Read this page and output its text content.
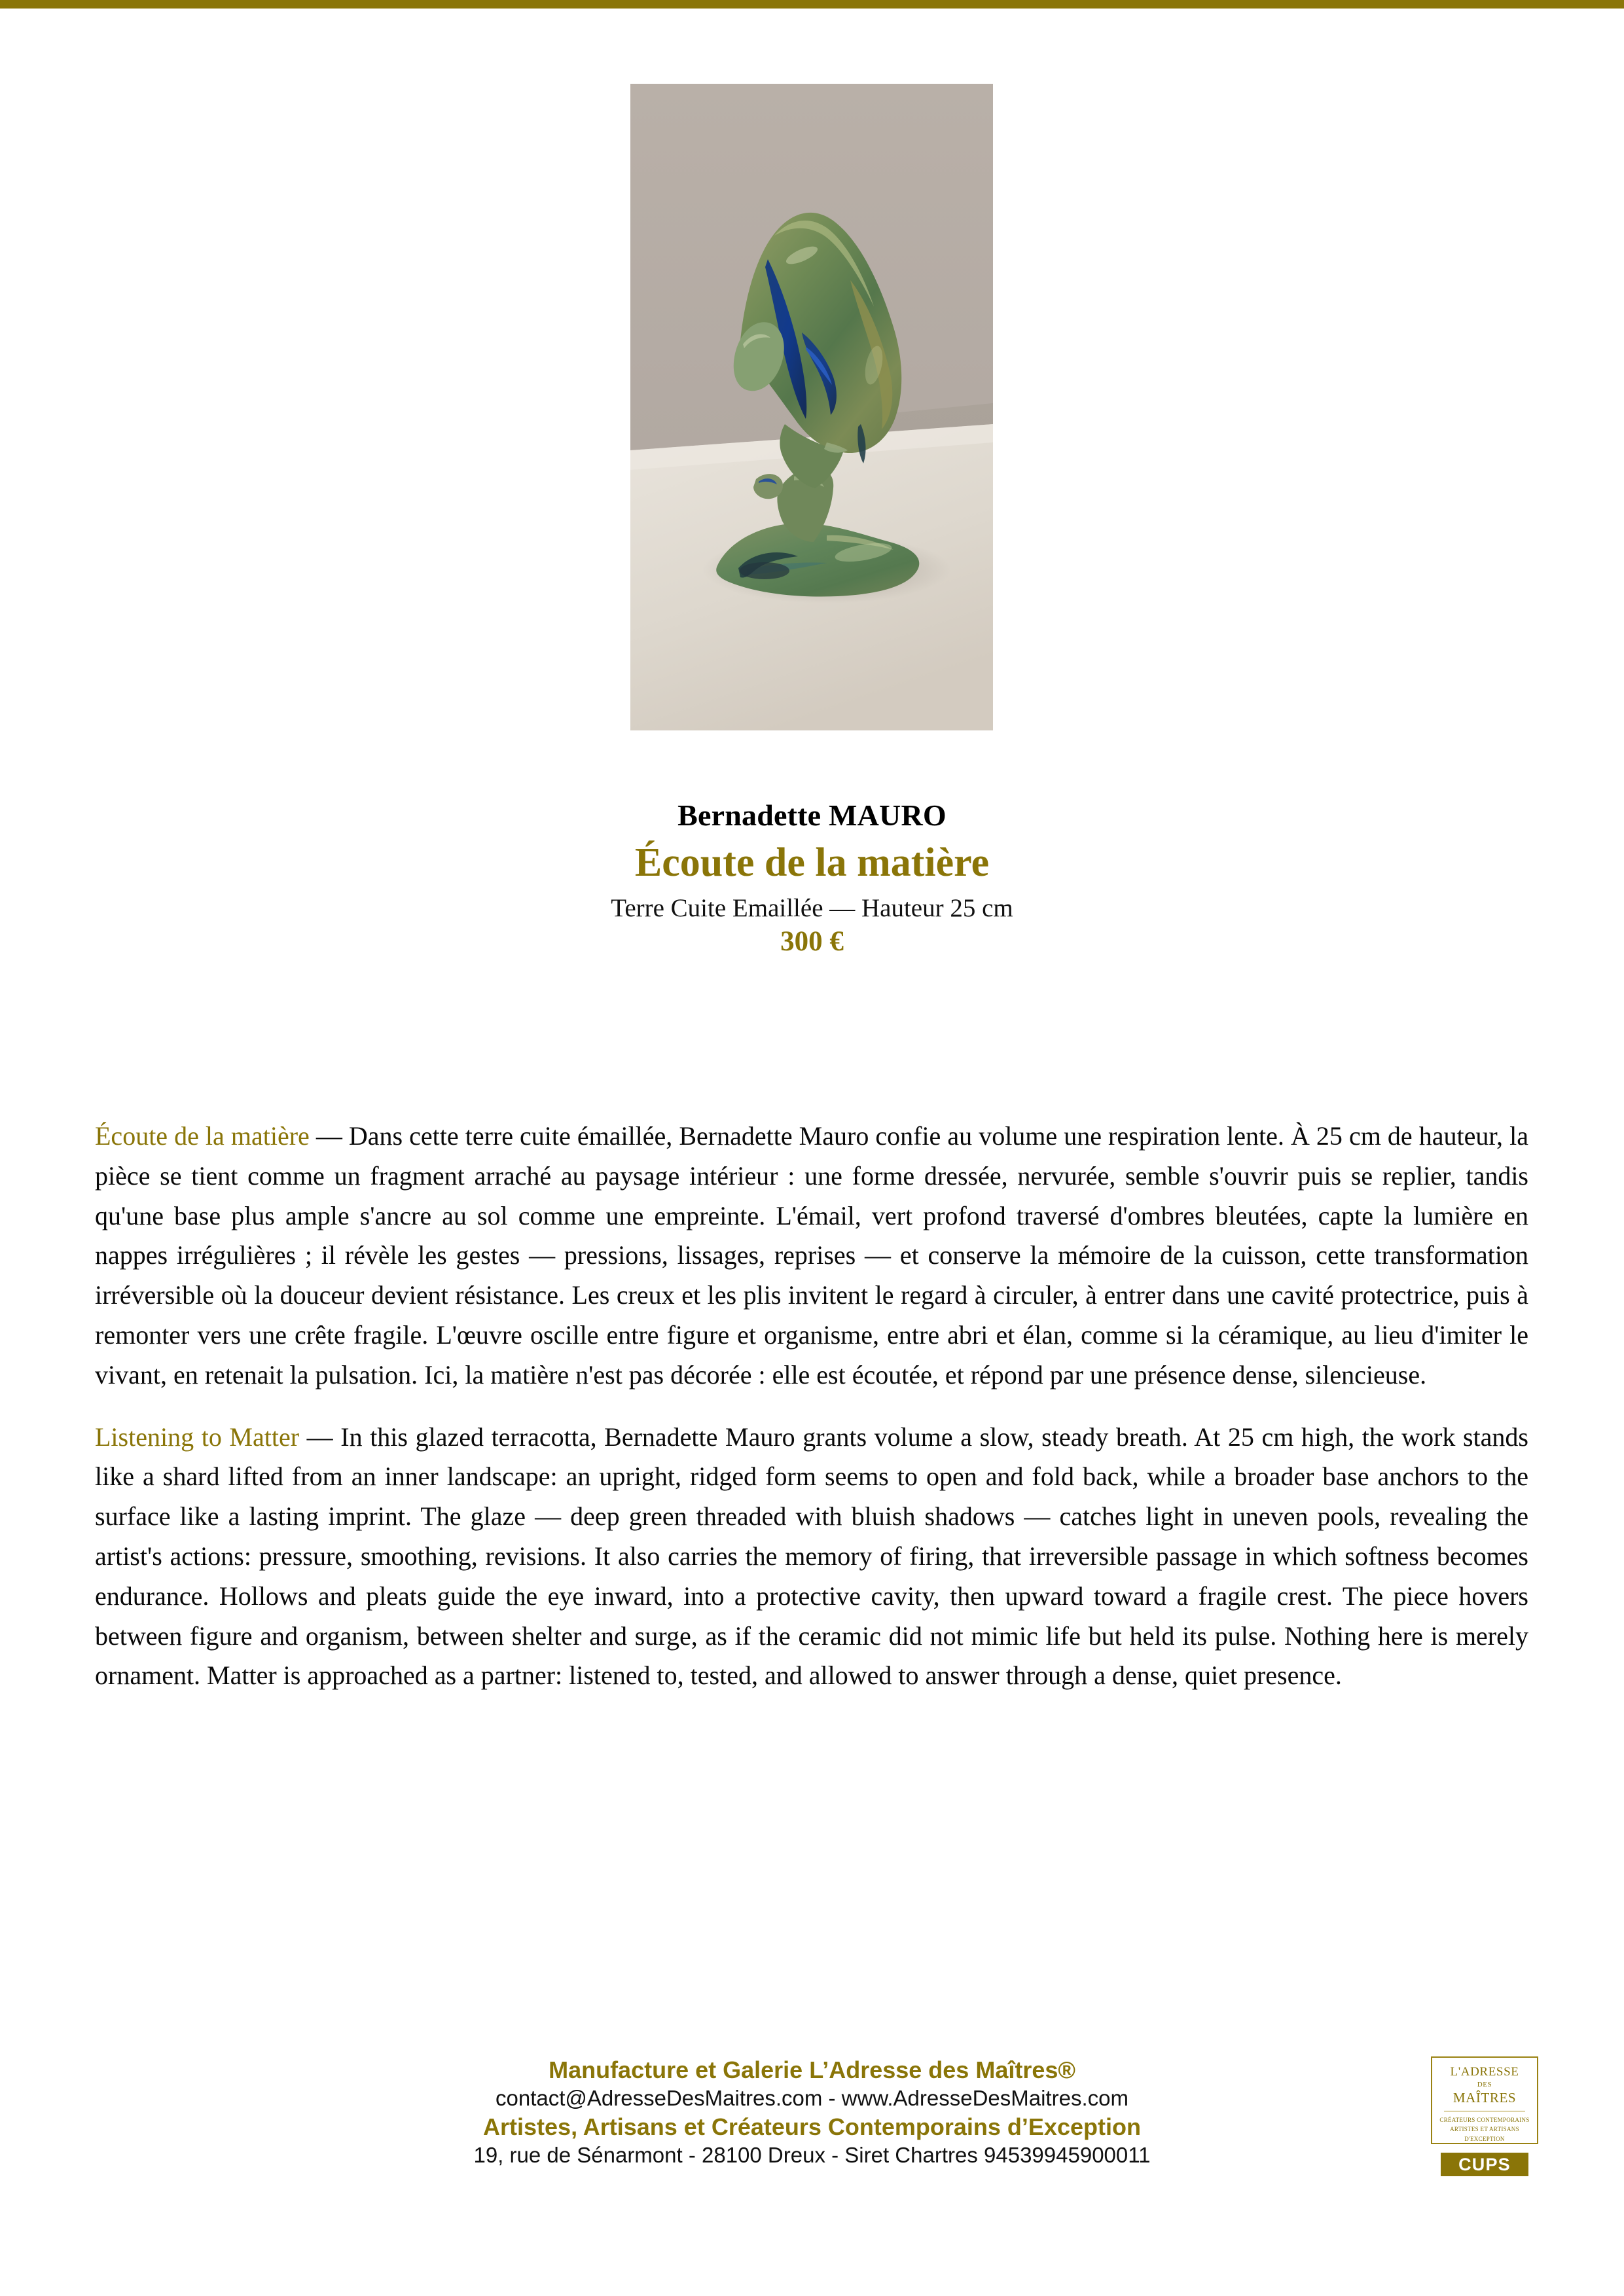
Bernadette MAURO
Écoute de la matière
Terre Cuite Emaillée — Hauteur 25 cm
300 €

Écoute de la matière — Dans cette terre cuite émaillée, Bernadette Mauro confie au volume une respiration lente. À 25 cm de hauteur, la pièce se tient comme un fragment arraché au paysage intérieur : une forme dressée, nervurée, semble s'ouvrir puis se replier, tandis qu'une base plus ample s'ancre au sol comme une empreinte. L'émail, vert profond traversé d'ombres bleutées, capte la lumière en nappes irrégulières ; il révèle les gestes — pressions, lissages, reprises — et conserve la mémoire de la cuisson, cette transformation irréversible où la douceur devient résistance. Les creux et les plis invitent le regard à circuler, à entrer dans une cavité protectrice, puis à remonter vers une crête fragile. L'œuvre oscille entre figure et organisme, entre abri et élan, comme si la céramique, au lieu d'imiter le vivant, en retenait la pulsation. Ici, la matière n'est pas décorée : elle est écoutée, et répond par une présence dense, silencieuse.

Listening to Matter — In this glazed terracotta, Bernadette Mauro grants volume a slow, steady breath. At 25 cm high, the work stands like a shard lifted from an inner landscape: an upright, ridged form seems to open and fold back, while a broader base anchors to the surface like a lasting imprint. The glaze — deep green threaded with bluish shadows — catches light in uneven pools, revealing the artist's actions: pressure, smoothing, revisions. It also carries the memory of firing, that irreversible passage in which softness becomes endurance. Hollows and pleats guide the eye inward, into a protective cavity, then upward toward a fragile crest. The piece hovers between figure and organism, between shelter and surge, as if the ceramic did not mimic life but held its pulse. Nothing here is merely ornament. Matter is approached as a partner: listened to, tested, and allowed to answer through a dense, quiet presence.

Manufacture et Galerie L’Adresse des Maîtres®
contact@AdresseDesMaitres.com - www.AdresseDesMaitres.com
Artistes, Artisans et Créateurs Contemporains d’Exception
19, rue de Sénarmont - 28100 Dreux - Siret Chartres 94539945900011
L'ADRESSE
DES
MAÎTRES
CRÉATEURS CONTEMPORAINS
ARTISTES ET ARTISANS
D'EXCEPTION
CUPS
